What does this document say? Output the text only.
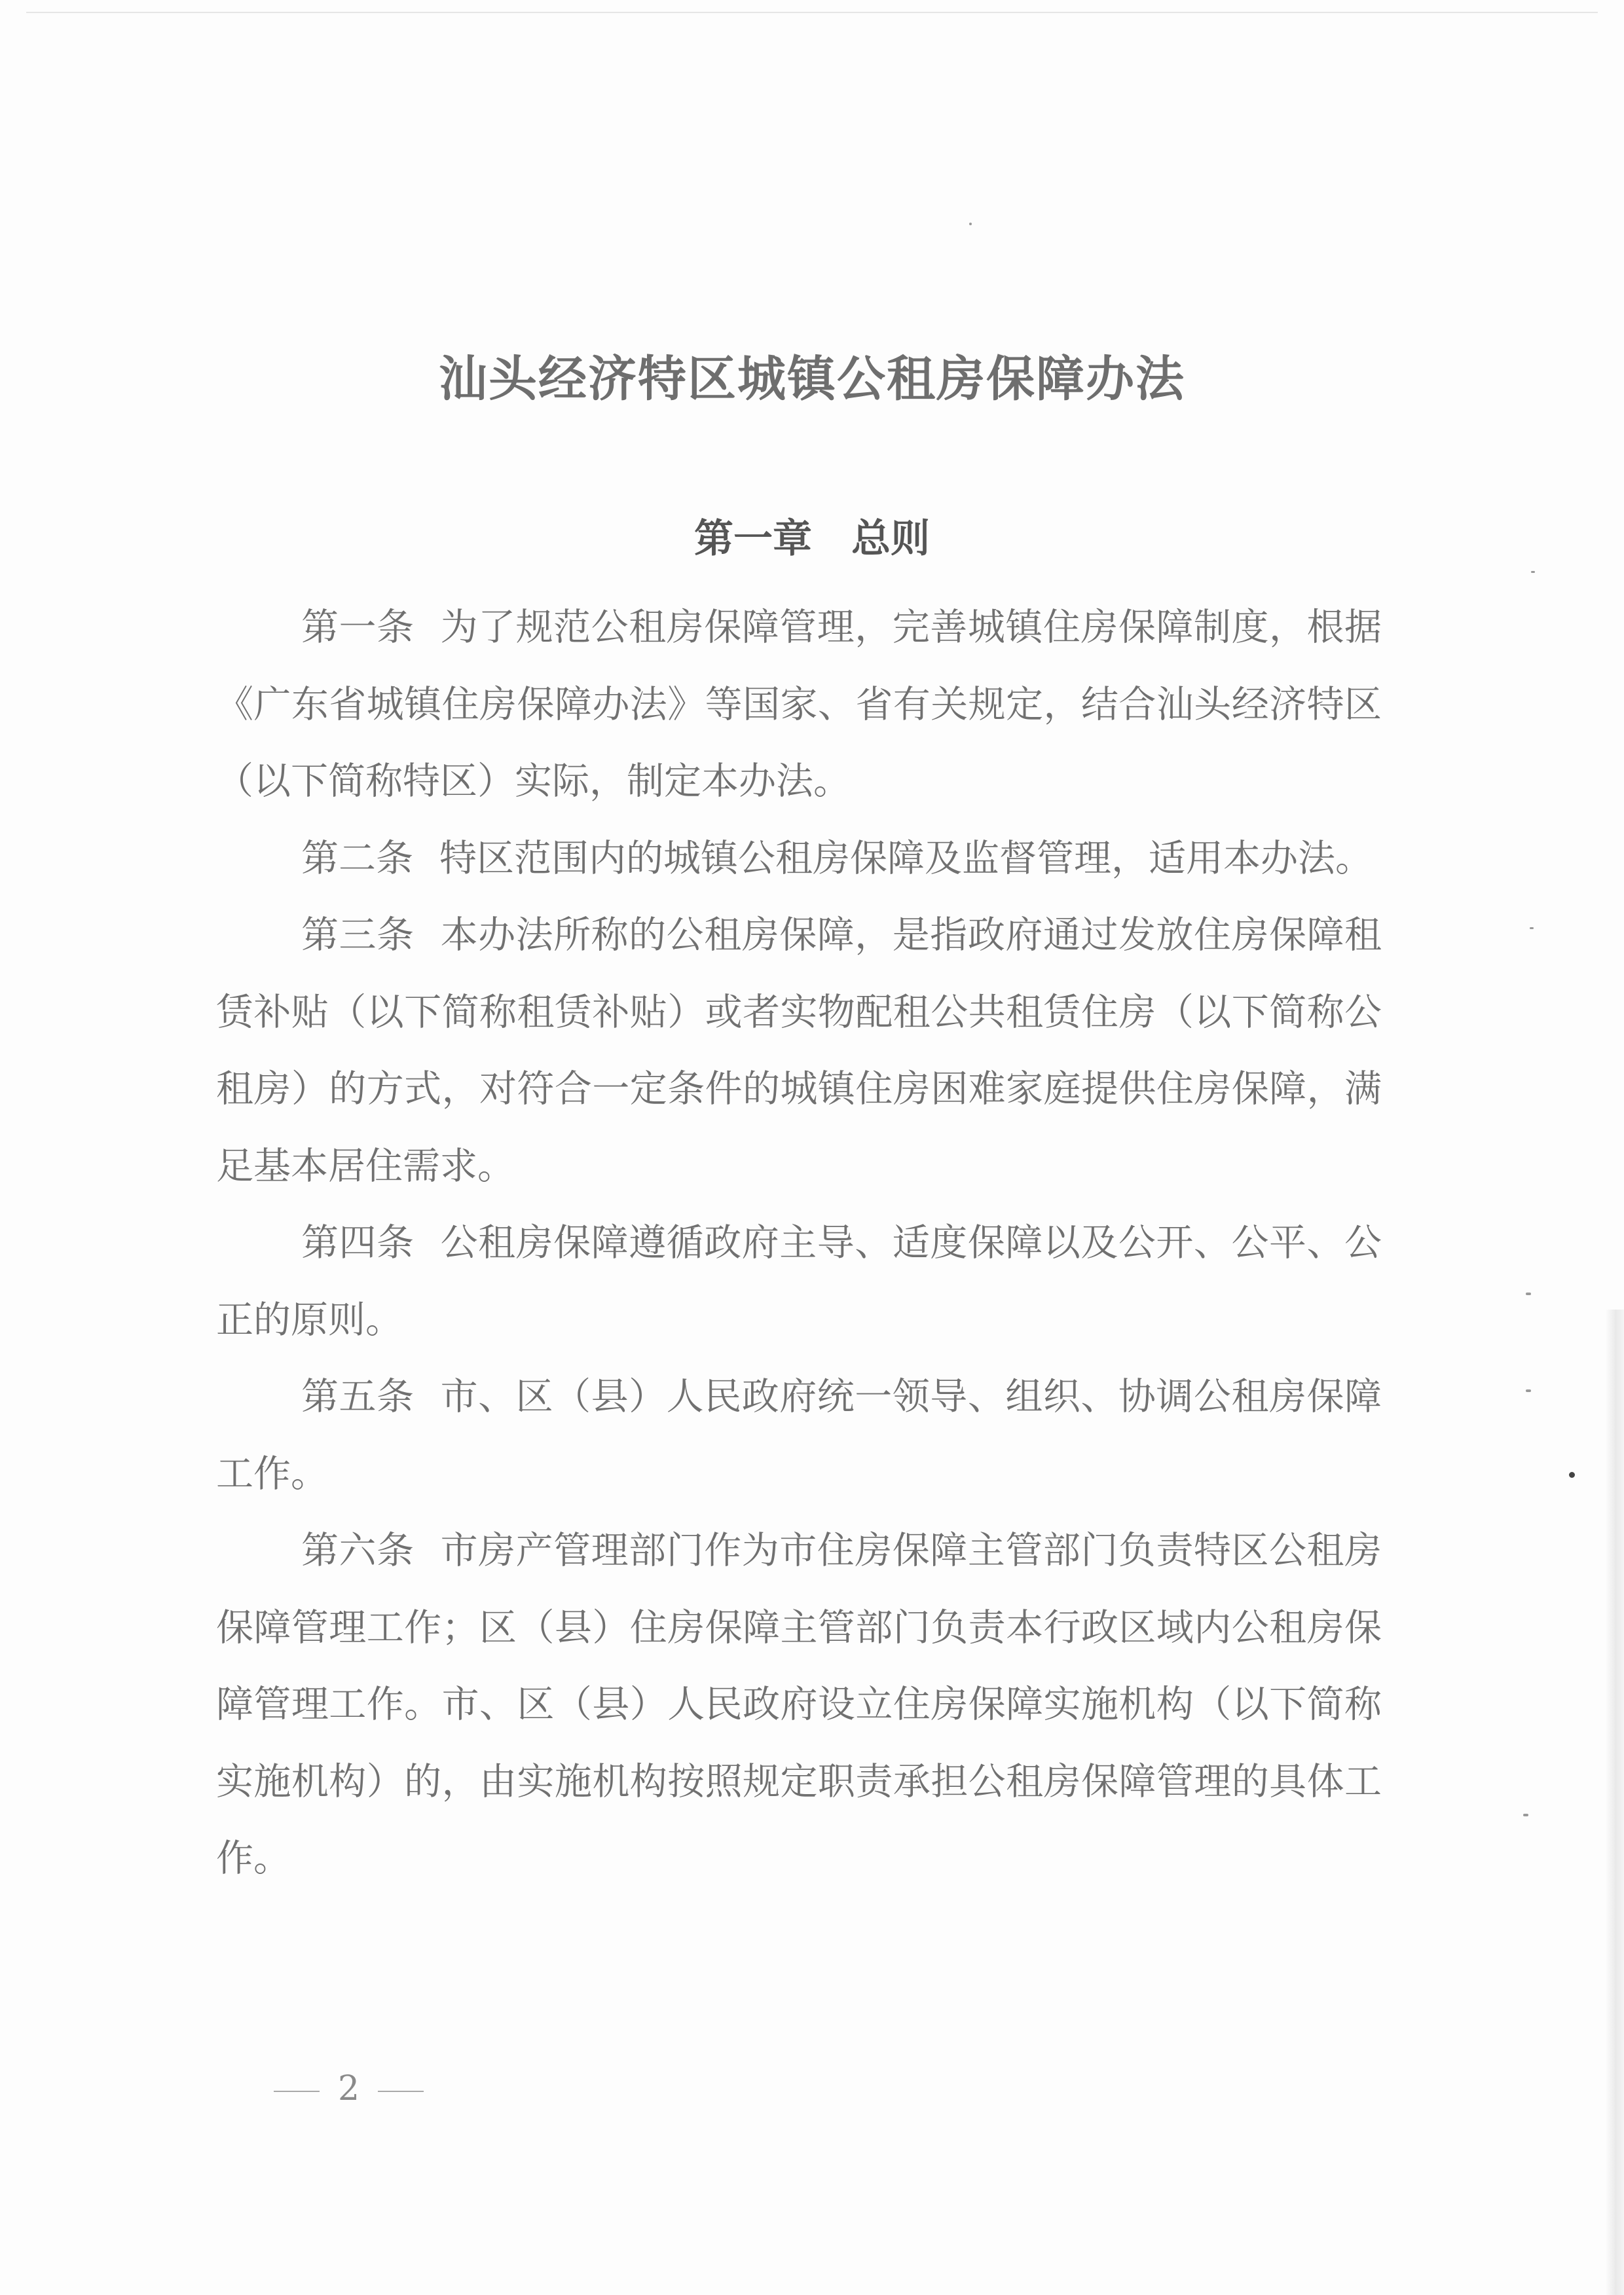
汕头经济特区城镇公租房保障办法
第一章　总则

第一条 为了规范公租房保障管理，完善城镇住房保障制度，根据《广东省城镇住房保障办法》等国家、省有关规定，结合汕头经济特区（以下简称特区）实际，制定本办法。

第二条 特区范围内的城镇公租房保障及监督管理，适用本办法。

第三条 本办法所称的公租房保障，是指政府通过发放住房保障租赁补贴（以下简称租赁补贴）或者实物配租公共租赁住房（以下简称公租房）的方式，对符合一定条件的城镇住房困难家庭提供住房保障，满足基本居住需求。

第四条 公租房保障遵循政府主导、适度保障以及公开、公平、公正的原则。

第五条 市、区（县）人民政府统一领导、组织、协调公租房保障工作。

第六条 市房产管理部门作为市住房保障主管部门负责特区公租房保障管理工作；区（县）住房保障主管部门负责本行政区域内公租房保障管理工作。市、区（县）人民政府设立住房保障实施机构（以下简称实施机构）的，由实施机构按照规定职责承担公租房保障管理的具体工作。

2
